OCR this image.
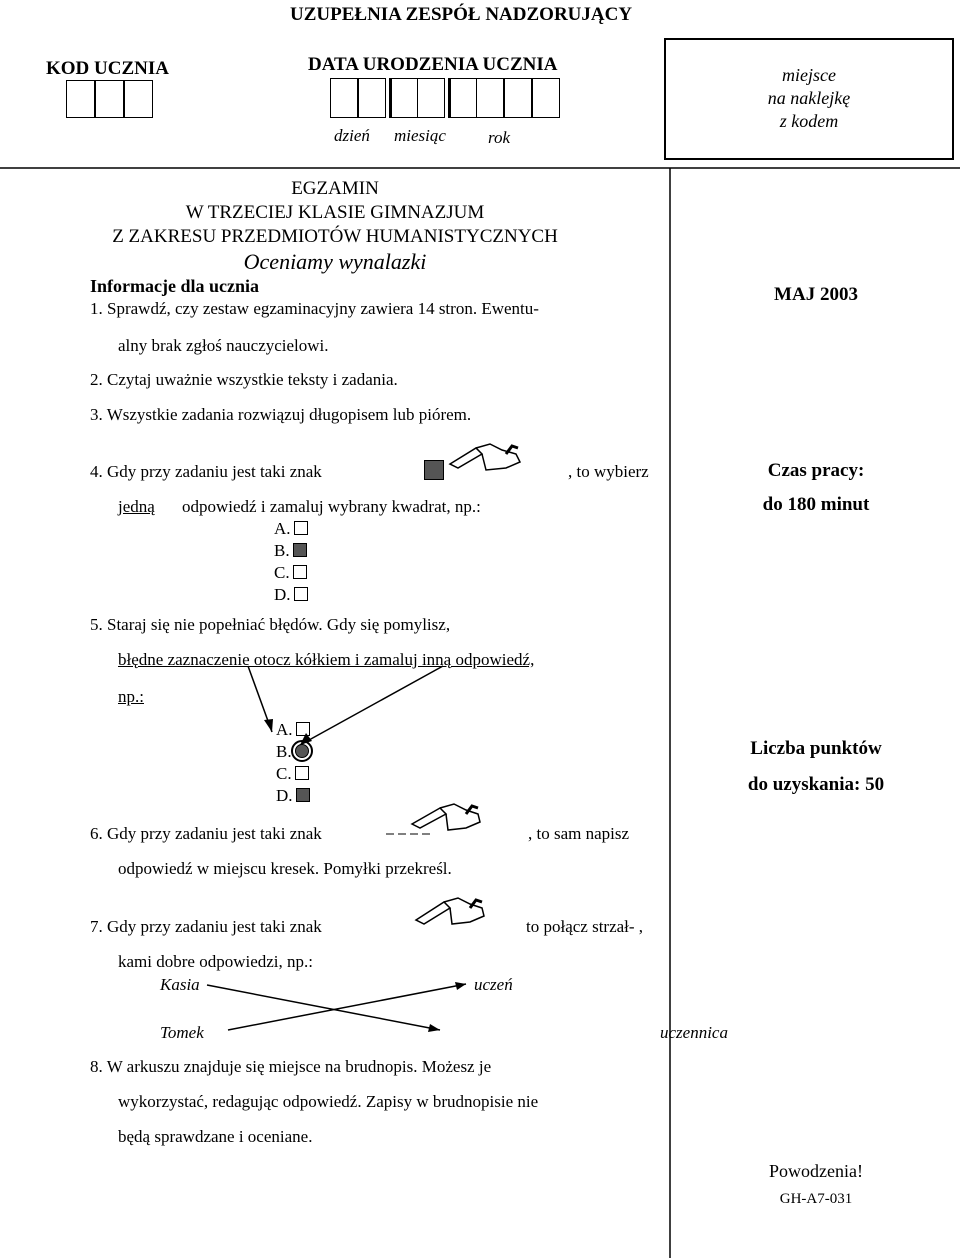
UZUPEŁNIA ZESPÓŁ NADZORUJĄCY
KOD UCZNIA	DATA URODZENIA UCZNIA
dzień miesiąc rok
miejsce
na naklejkę
z kodem
EGZAMIN
W TRZECIEJ KLASIE GIMNAZJUM
Z ZAKRESU PRZEDMIOTÓW HUMANISTYCZNYCH
Oceniamy wynalazki
Informacje dla ucznia
1. Sprawdź, czy zestaw egzaminacyjny zawiera 14 stron. Ewentu-
alny brak zgłoś nauczycielowi.
2. Czytaj uważnie wszystkie teksty i zadania.
3. Wszystkie zadania rozwiązuj długopisem lub piórem.
4. Gdy przy zadaniu jest taki znak	, to wybierz
jedną odpowiedź i zamaluj wybrany kwadrat, np.:
A.
B.
C.
D.
5. Staraj się nie popełniać błędów. Gdy się pomylisz,
błędne zaznaczenie otocz kółkiem i zamaluj inną odpowiedź,
np.:
A.
B.
C.
D.
6. Gdy przy zadaniu jest taki znak	, to sam napisz
odpowiedź w miejscu kresek. Pomyłki przekreśl.
7. Gdy przy zadaniu jest taki znak	to połącz strzał- ,
kami dobre odpowiedzi, np.:
Kasia	uczeń
Tomek	uczennica
8. W arkuszu znajduje się miejsce na brudnopis. Możesz je
wykorzystać, redagując odpowiedź. Zapisy w brudnopisie nie
będą sprawdzane i oceniane.
MAJ 2003
Czas pracy:
do 180 minut
Liczba punktów
do uzyskania: 50
Powodzenia!
GH-A7-031
